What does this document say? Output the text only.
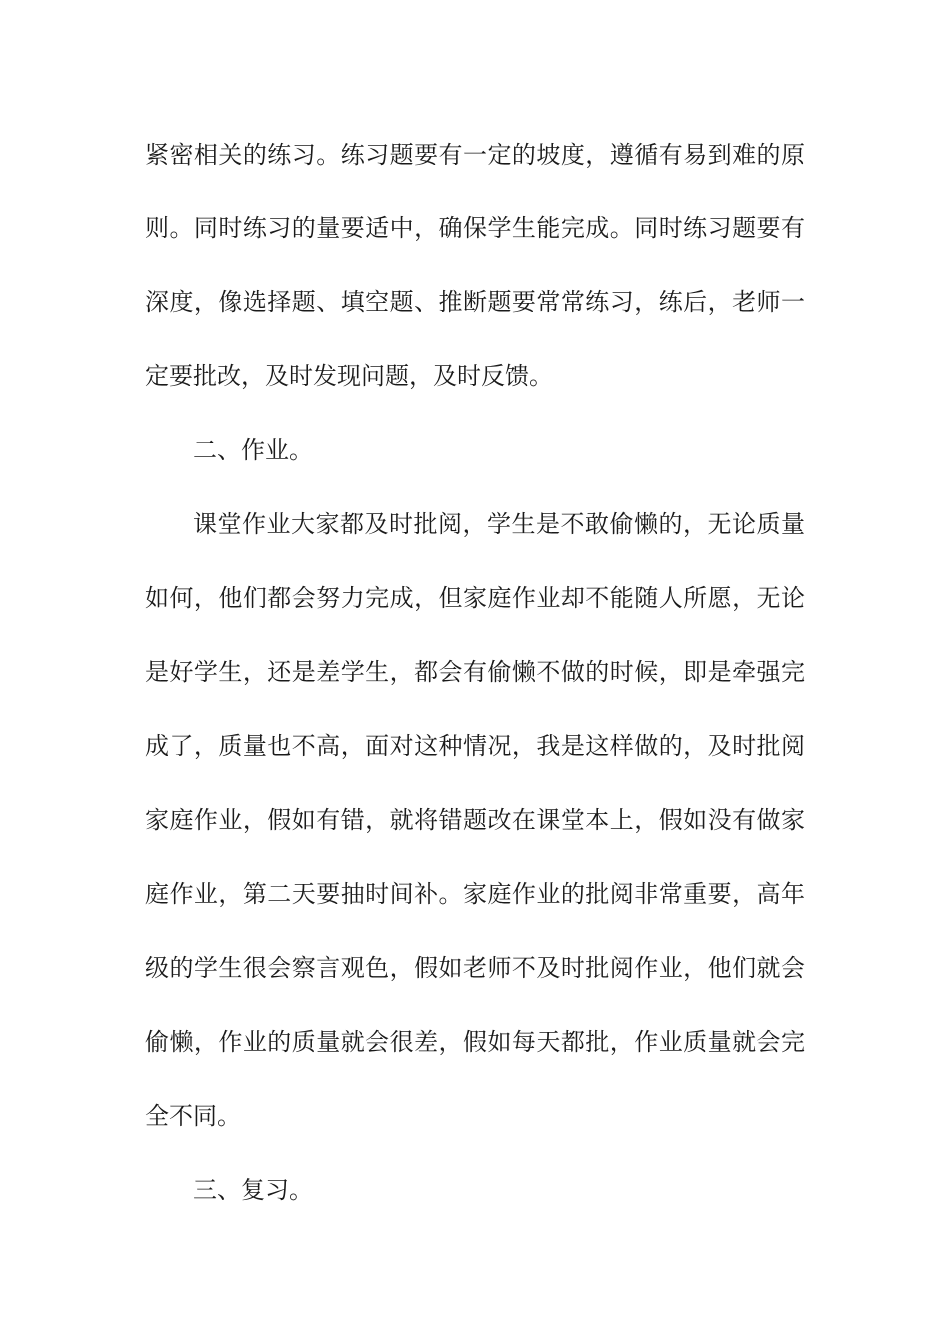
紧密相关的练习。练习题要有一定的坡度，遵循有易到难的原

则。同时练习的量要适中，确保学生能完成。同时练习题要有

深度，像选择题、填空题、推断题要常常练习，练后，老师一

定要批改，及时发现问题，及时反馈。

二、作业。

课堂作业大家都及时批阅，学生是不敢偷懒的，无论质量

如何，他们都会努力完成，但家庭作业却不能随人所愿，无论

是好学生，还是差学生，都会有偷懒不做的时候，即是牵强完

成了，质量也不高，面对这种情况，我是这样做的，及时批阅

家庭作业，假如有错，就将错题改在课堂本上，假如没有做家

庭作业，第二天要抽时间补。家庭作业的批阅非常重要，高年

级的学生很会察言观色，假如老师不及时批阅作业，他们就会

偷懒，作业的质量就会很差，假如每天都批，作业质量就会完

全不同。

三、复习。
